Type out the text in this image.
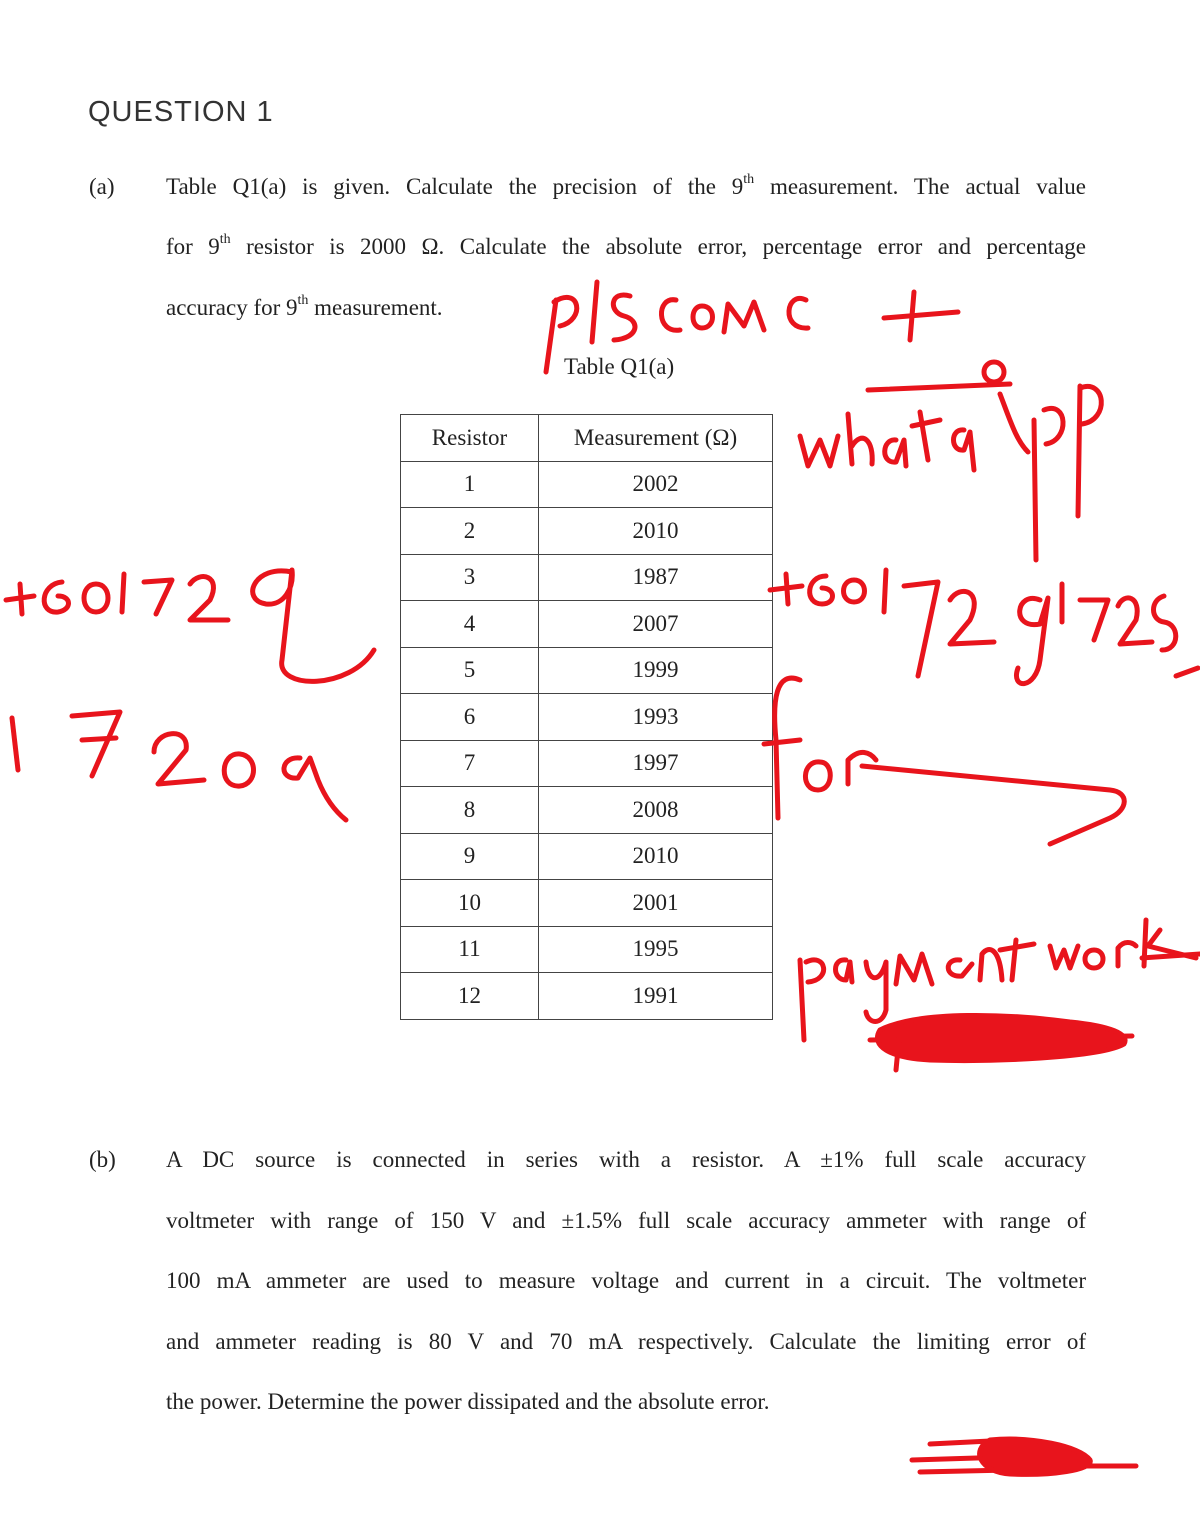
QUESTION 1
(a) Table Q1(a) is given. Calculate the precision of the 9th measurement. The actual value
for 9th resistor is 2000 Ω. Calculate the absolute error, percentage error and percentage
accuracy for 9th measurement.
Table Q1(a)
Resistor	Measurement (Ω)
1	2002
2	2010
3	1987
4	2007
5	1999
6	1993
7	1997
8	2008
9	2010
10	2001
11	1995
12	1991
(b) A DC source is connected in series with a resistor. A ±1% full scale accuracy
voltmeter with range of 150 V and ±1.5% full scale accuracy ammeter with range of
100 mA ammeter are used to measure voltage and current in a circuit. The voltmeter
and ammeter reading is 80 V and 70 mA respectively. Calculate the limiting error of
the power. Determine the power dissipated and the absolute error.
